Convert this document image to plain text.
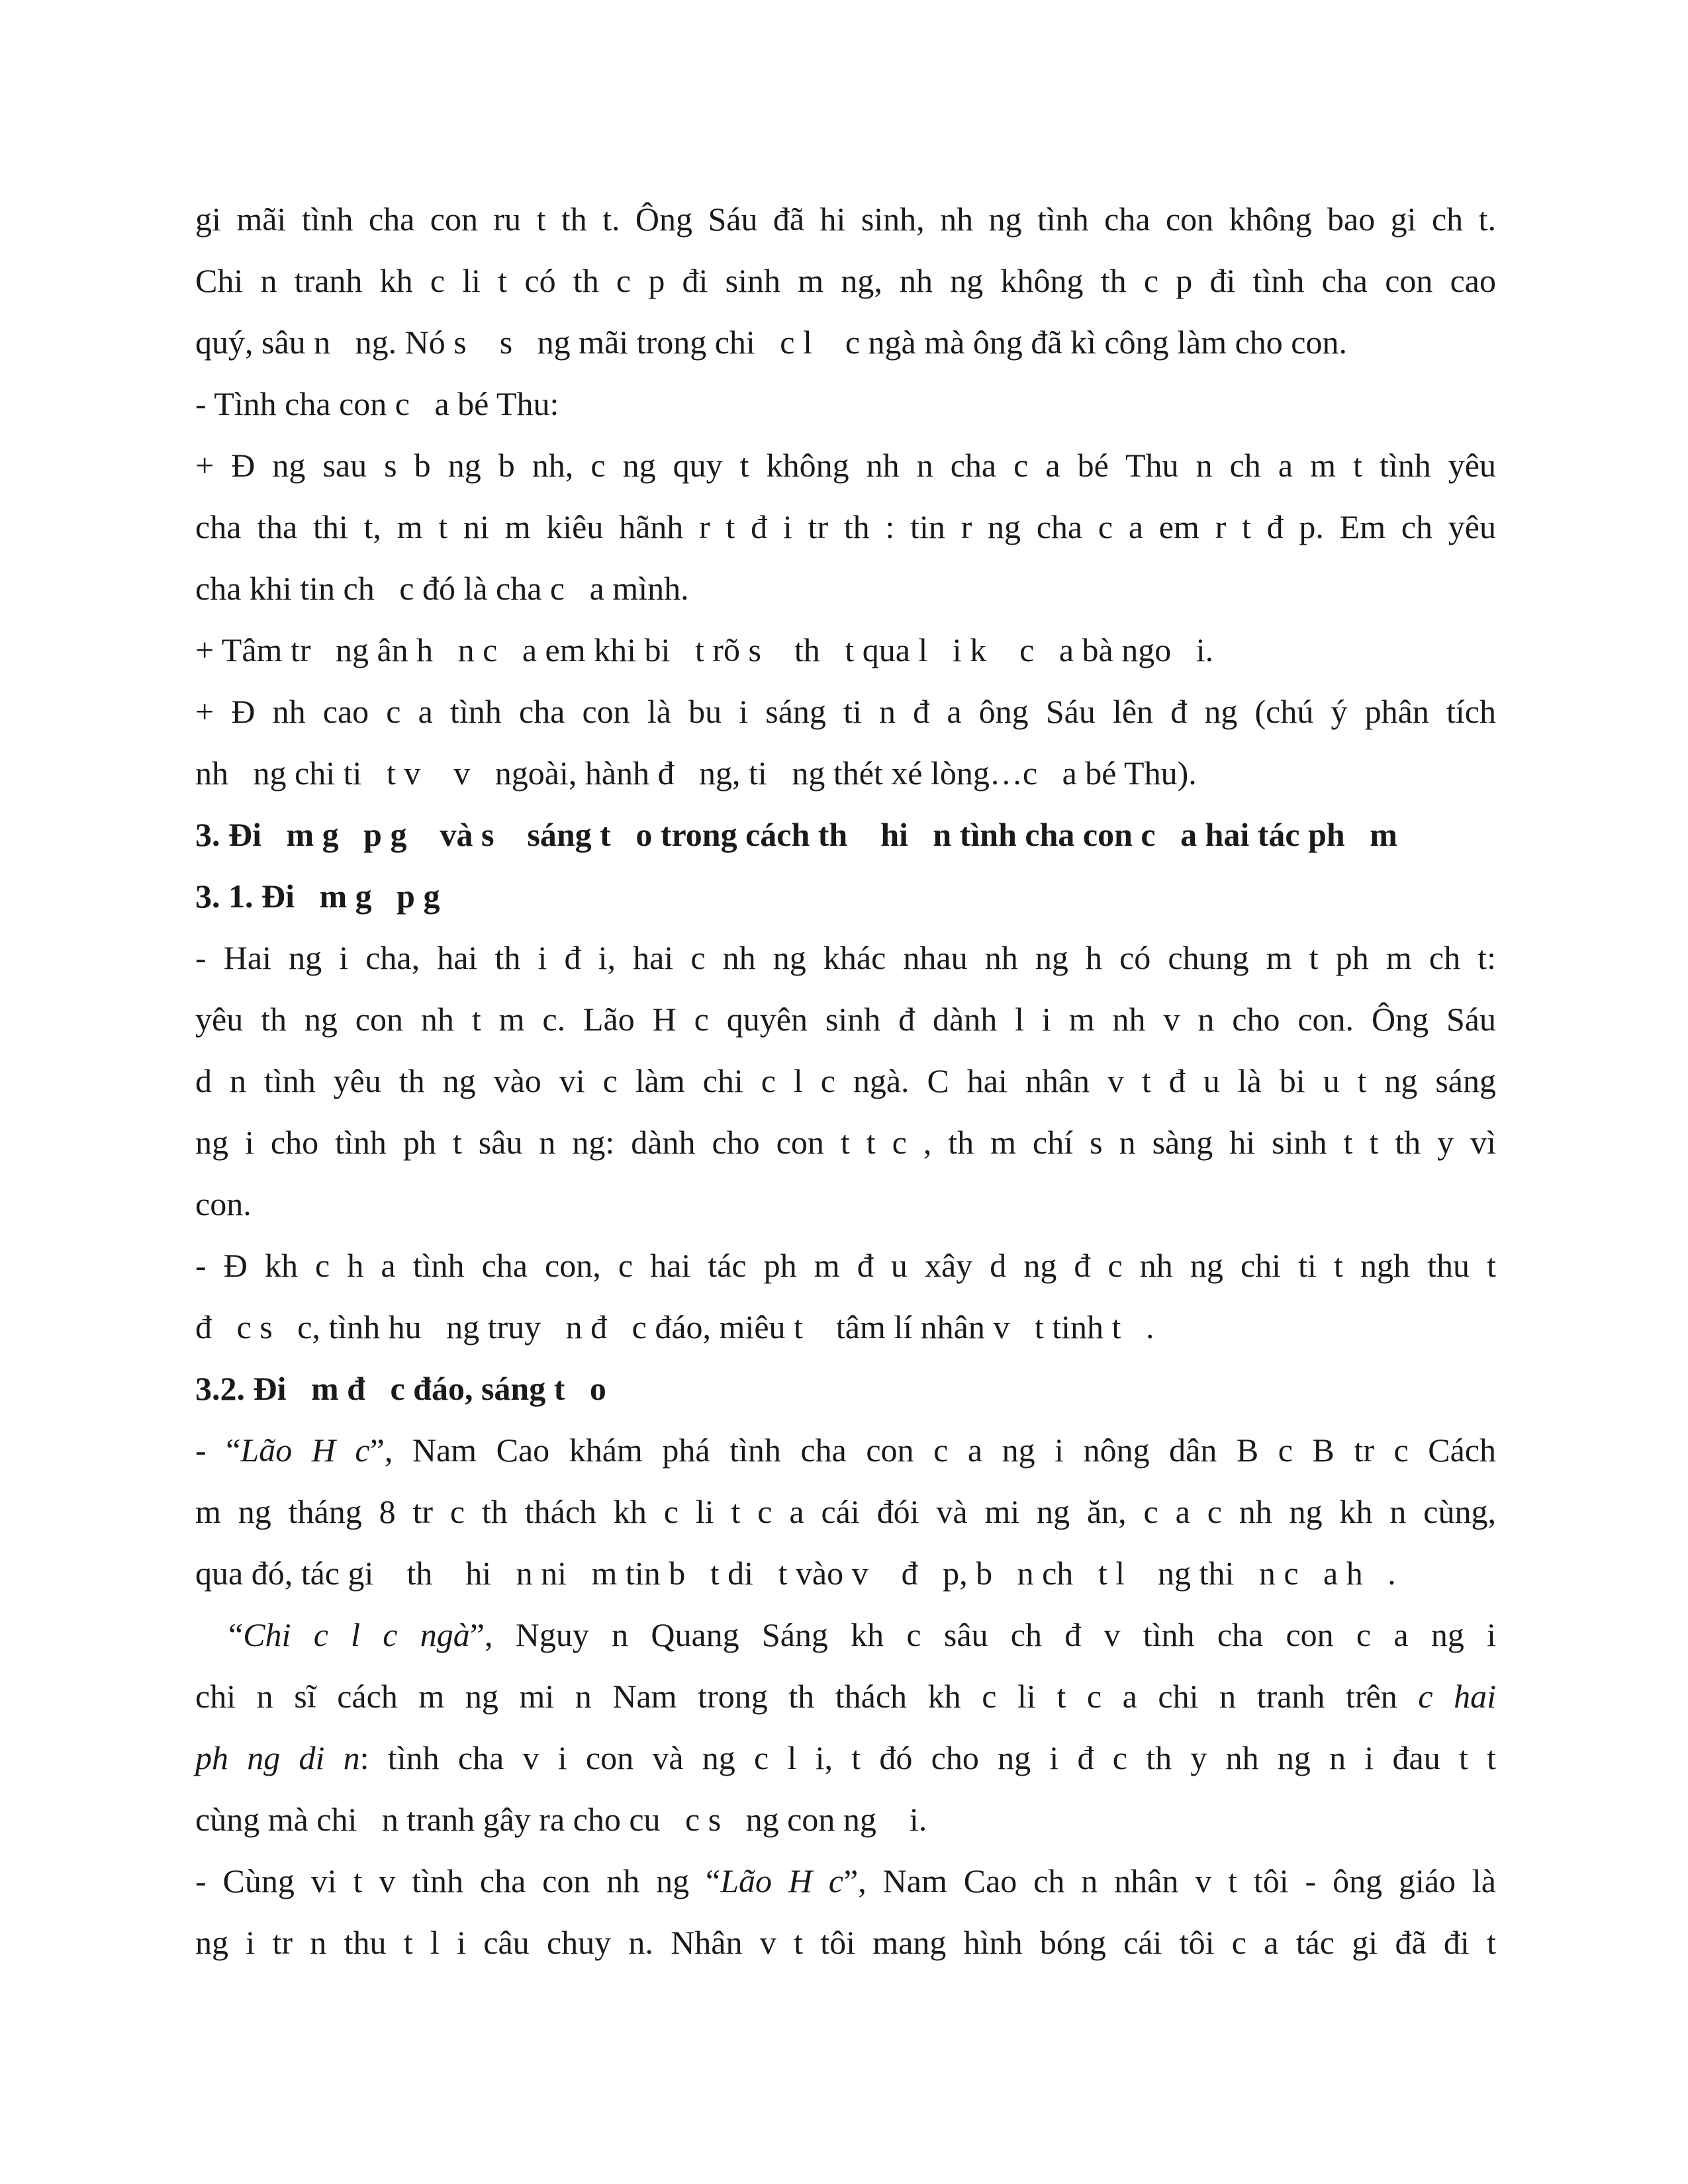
gi mãi tình cha con ru t th t. Ông Sáu đã hi sinh, nh ng tình cha con không bao gi ch t.
Chi n tranh kh c li t có th c p đi sinh m ng, nh ng không th c p đi tình cha con cao
quý, sâu n   ng. Nó s    s   ng mãi trong chi   c l    c ngà mà ông đã kì công làm cho con.
- Tình cha con c   a bé Thu:
+ Đ ng sau s b ng b nh, c ng quy t không nh n cha c a bé Thu n ch a m t tình yêu
cha tha thi t, m t ni m kiêu hãnh r t đ i tr th : tin r ng cha c a em r t đ p. Em ch yêu
cha khi tin ch   c đó là cha c   a mình.
+ Tâm tr   ng ân h   n c   a em khi bi   t rõ s    th   t qua l   i k    c   a bà ngo   i.
+ Đ nh cao c a tình cha con là bu i sáng ti n đ a ông Sáu lên đ ng (chú ý phân tích
nh   ng chi ti   t v    v   ngoài, hành đ   ng, ti   ng thét xé lòng…c   a bé Thu).
3. Đi   m g   p g    và s    sáng t   o trong cách th    hi   n tình cha con c   a hai tác ph   m
3. 1. Đi   m g   p g
- Hai ng i cha, hai th i đ i, hai c nh ng khác nhau nh ng h có chung m t ph m ch t:
yêu th ng con nh t m c. Lão H c quyên sinh đ dành l i m nh v n cho con. Ông Sáu
d n tình yêu th ng vào vi c làm chi c l c ngà. C hai nhân v t đ u là bi u t ng sáng
ng i cho tình ph t sâu n ng: dành cho con t t c , th m chí s n sàng hi sinh t t th y vì
con.
- Đ kh c h a tình cha con, c hai tác ph m đ u xây d ng đ c nh ng chi ti t ngh thu t
đ   c s   c, tình hu   ng truy   n đ   c đáo, miêu t    tâm lí nhân v   t tinh t   .
3.2. Đi   m đ   c đáo, sáng t   o
- “Lão H c”, Nam Cao khám phá tình cha con c a ng i nông dân B c B tr c Cách
m ng tháng 8 tr c th thách kh c li t c a cái đói và mi ng ăn, c a c nh ng kh n cùng,
qua đó, tác gi    th    hi   n ni   m tin b   t di   t vào v    đ   p, b   n ch   t l    ng thi   n c   a h   .
“Chi c l c ngà”, Nguy n Quang Sáng kh c sâu ch đ v tình cha con c a ng i
chi n sĩ cách m ng mi n Nam trong th thách kh c li t c a chi n tranh trên c hai
ph ng di n: tình cha v i con và ng c l i, t đó cho ng i đ c th y nh ng n i đau t t
cùng mà chi   n tranh gây ra cho cu   c s   ng con ng    i.
- Cùng vi t v tình cha con nh ng “Lão H c”, Nam Cao ch n nhân v t tôi - ông giáo là
ng i tr n thu t l i câu chuy n. Nhân v t tôi mang hình bóng cái tôi c a tác gi đã đi t
